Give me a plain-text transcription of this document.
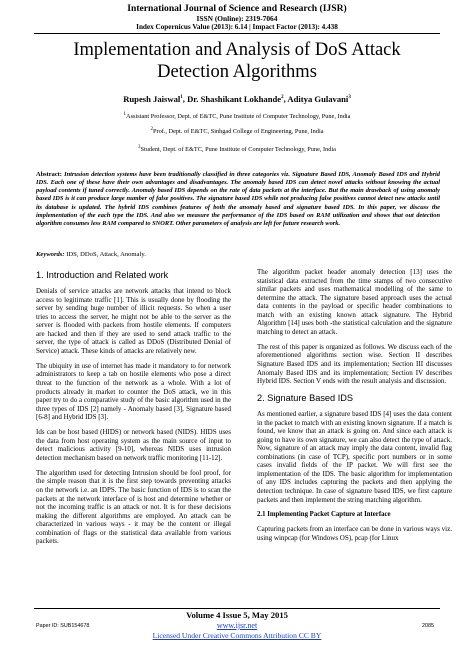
International Journal of Science and Research (IJSR)
ISSN (Online): 2319-7064
Index Copernicus Value (2013): 6.14 | Impact Factor (2013): 4.438
Implementation and Analysis of DoS Attack
Detection Algorithms
Rupesh Jaiswal$^1$, Dr. Shashikant Lokhande$^2$, Aditya Gulavani$^3$
$^1$Assistant Professor, Dept. of E&TC, Pune Institute of Computer Technology, Pune, India
$^2$Prof., Dept. of E&TC, Sinhgad College of Engineering, Pune, India
$^3$Student, Dept. of E&TC, Pune Institute of Computer Technology, Pune, India
Abstract: Intrusion detection systems have been traditionally classified in three categories viz. Signature Based IDS, Anomaly Based IDS and Hybrid IDS. Each one of these have their own advantages and disadvantages. The anomaly based IDS can detect novel attacks without knowing the actual payload contents if tuned correctly. Anomaly based IDS depends on the rate of data packets at the interface. But the main drawback of using anomaly based IDS is it can produce large number of false positives. The signature based IDS while not producing false positives cannot detect new attacks until its database is updated. The hybrid IDS combines features of both the anomaly based and signature based IDS. In this paper, we discuss the implementation of the each type the IDS. And also we measure the performance of the IDS based on RAM utilization and shows that out detection algorithm consumes less RAM compared to SNORT. Other parameters of analysis are left for future research work.
Keywords: IDS, DDoS, Attack, Anomaly.
1. Introduction and Related work

Denials of service attacks are network attacks that intend to block access to legitimate traffic [1]. This is usually done by flooding the server by sending huge number of illicit requests. So when a user tries to access the server, he might not be able to the server as the server is flooded with packets from hostile elements. If computers are hacked and then if they are used to send attack traffic to the server, the type of attack is called as DDoS (Distributed Denial of Service) attack. These kinds of attacks are relatively new.

The ubiquity in use of internet has made it mandatory to for network administrators to keep a tab on hostile elements who pose a direct threat to the function of the network as a whole. With a lot of products already in market to counter the DoS attack, we in this paper try to do a comparative study of the basic algorithm used in the three types of IDS [2] namely - Anomaly based [3], Signature based [6-8] and Hybrid IDS [3].

Ids can be host based (HIDS) or network based (NIDS). HIDS uses the data from host operating system as the main source of input to detect malicious activity [9-10], whereas NIDS uses intrusion detection mechanism based on network traffic monitoring [11-12].

The algorithm used for detecting Intrusion should be fool proof, for the simple reason that it is the first step towards preventing attacks on the network i.e. an IDPS. The basic function of IDS is to scan the packets at the network interface of is host and determine whether or not the incoming traffic is an attack or not. It is for these decisions making the different algorithms are employed. An attack can be characterized in various ways - it may be the content or illegal combination of flags or the statistical data available from various packets.

The algorithm packet header anomaly detection [13] uses the statistical data extracted from the time stamps of two consecutive similar packets and uses mathematical modelling of the same to determine the attack. The signature based approach uses the actual data contents in the payload or specific header combinations to match with an existing known attack signature. The Hybrid Algorithm [14] uses both -the statistical calculation and the signature matching to detect an attack.

The rest of this paper is organized as follows. We discuss each of the aforementioned algorithms section wise. Section II describes Signature Based IDS and its implementation; Section III discusses Anomaly Based IDS and its implementation; Section IV describes Hybrid IDS. Section V ends with the result analysis and discussion.

2. Signature Based IDS

As mentioned earlier, a signature based IDS [4] uses the data content in the packet to match with an existing known signature. If a match is found, we know that an attack is going on. And since each attack is going to have its own signature, we can also detect the type of attack. Now, signature of an attack may imply the data content, invalid flag combinations (in case of TCP), specific port numbers or in some cases invalid fields of the IP packet. We will first see the implementation of the IDS. The basic algorithm for implementation of any IDS includes capturing the packets and then applying the detection technique. In case of signature based IDS, we first capture packets and then implement the string matching algorithm.

2.1 Implementing Packet Capture at Interface

Capturing packets from an interface can be done in various ways viz. using winpcap (for Windows OS), pcap (for Linux

Volume 4 Issue 5, May 2015
www.ijsr.net
Licensed Under Creative Commons Attribution CC BY
Paper ID: SUB154678	2085
